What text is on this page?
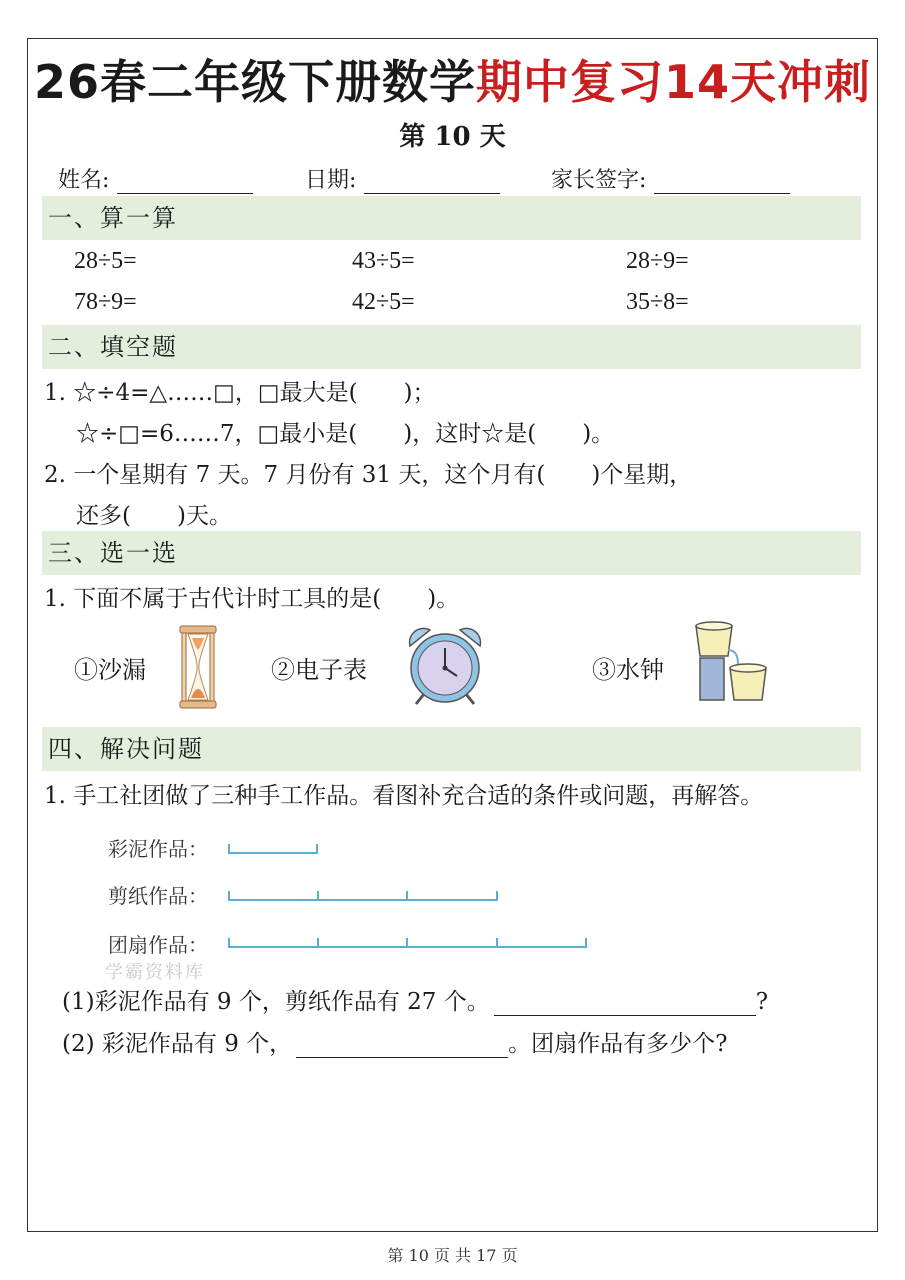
26春二年级下册数学期中复习14天冲刺
第 10 天
姓名:	日期:	家长签字:
一、算一算
28÷5=	43÷5=	28÷9=
78÷9=	42÷5=	35÷8=
二、填空题
1. ☆÷4=△……□，□最大是(　　)；
☆÷□=6……7，□最小是(　　)，这时☆是(　　)。
2. 一个星期有 7 天。7 月份有 31 天，这个月有(　　)个星期，
还多(　　)天。
三、选一选
1. 下面不属于古代计时工具的是(　　)。
①沙漏	②电子表	③水钟
四、解决问题
1. 手工社团做了三种手工作品。看图补充合适的条件或问题，再解答。
彩泥作品：
剪纸作品：
团扇作品：
学霸资料库
(1)彩泥作品有 9 个，剪纸作品有 27 个。	?
(2) 彩泥作品有 9 个，	。团扇作品有多少个?
第 10 页 共 17 页
